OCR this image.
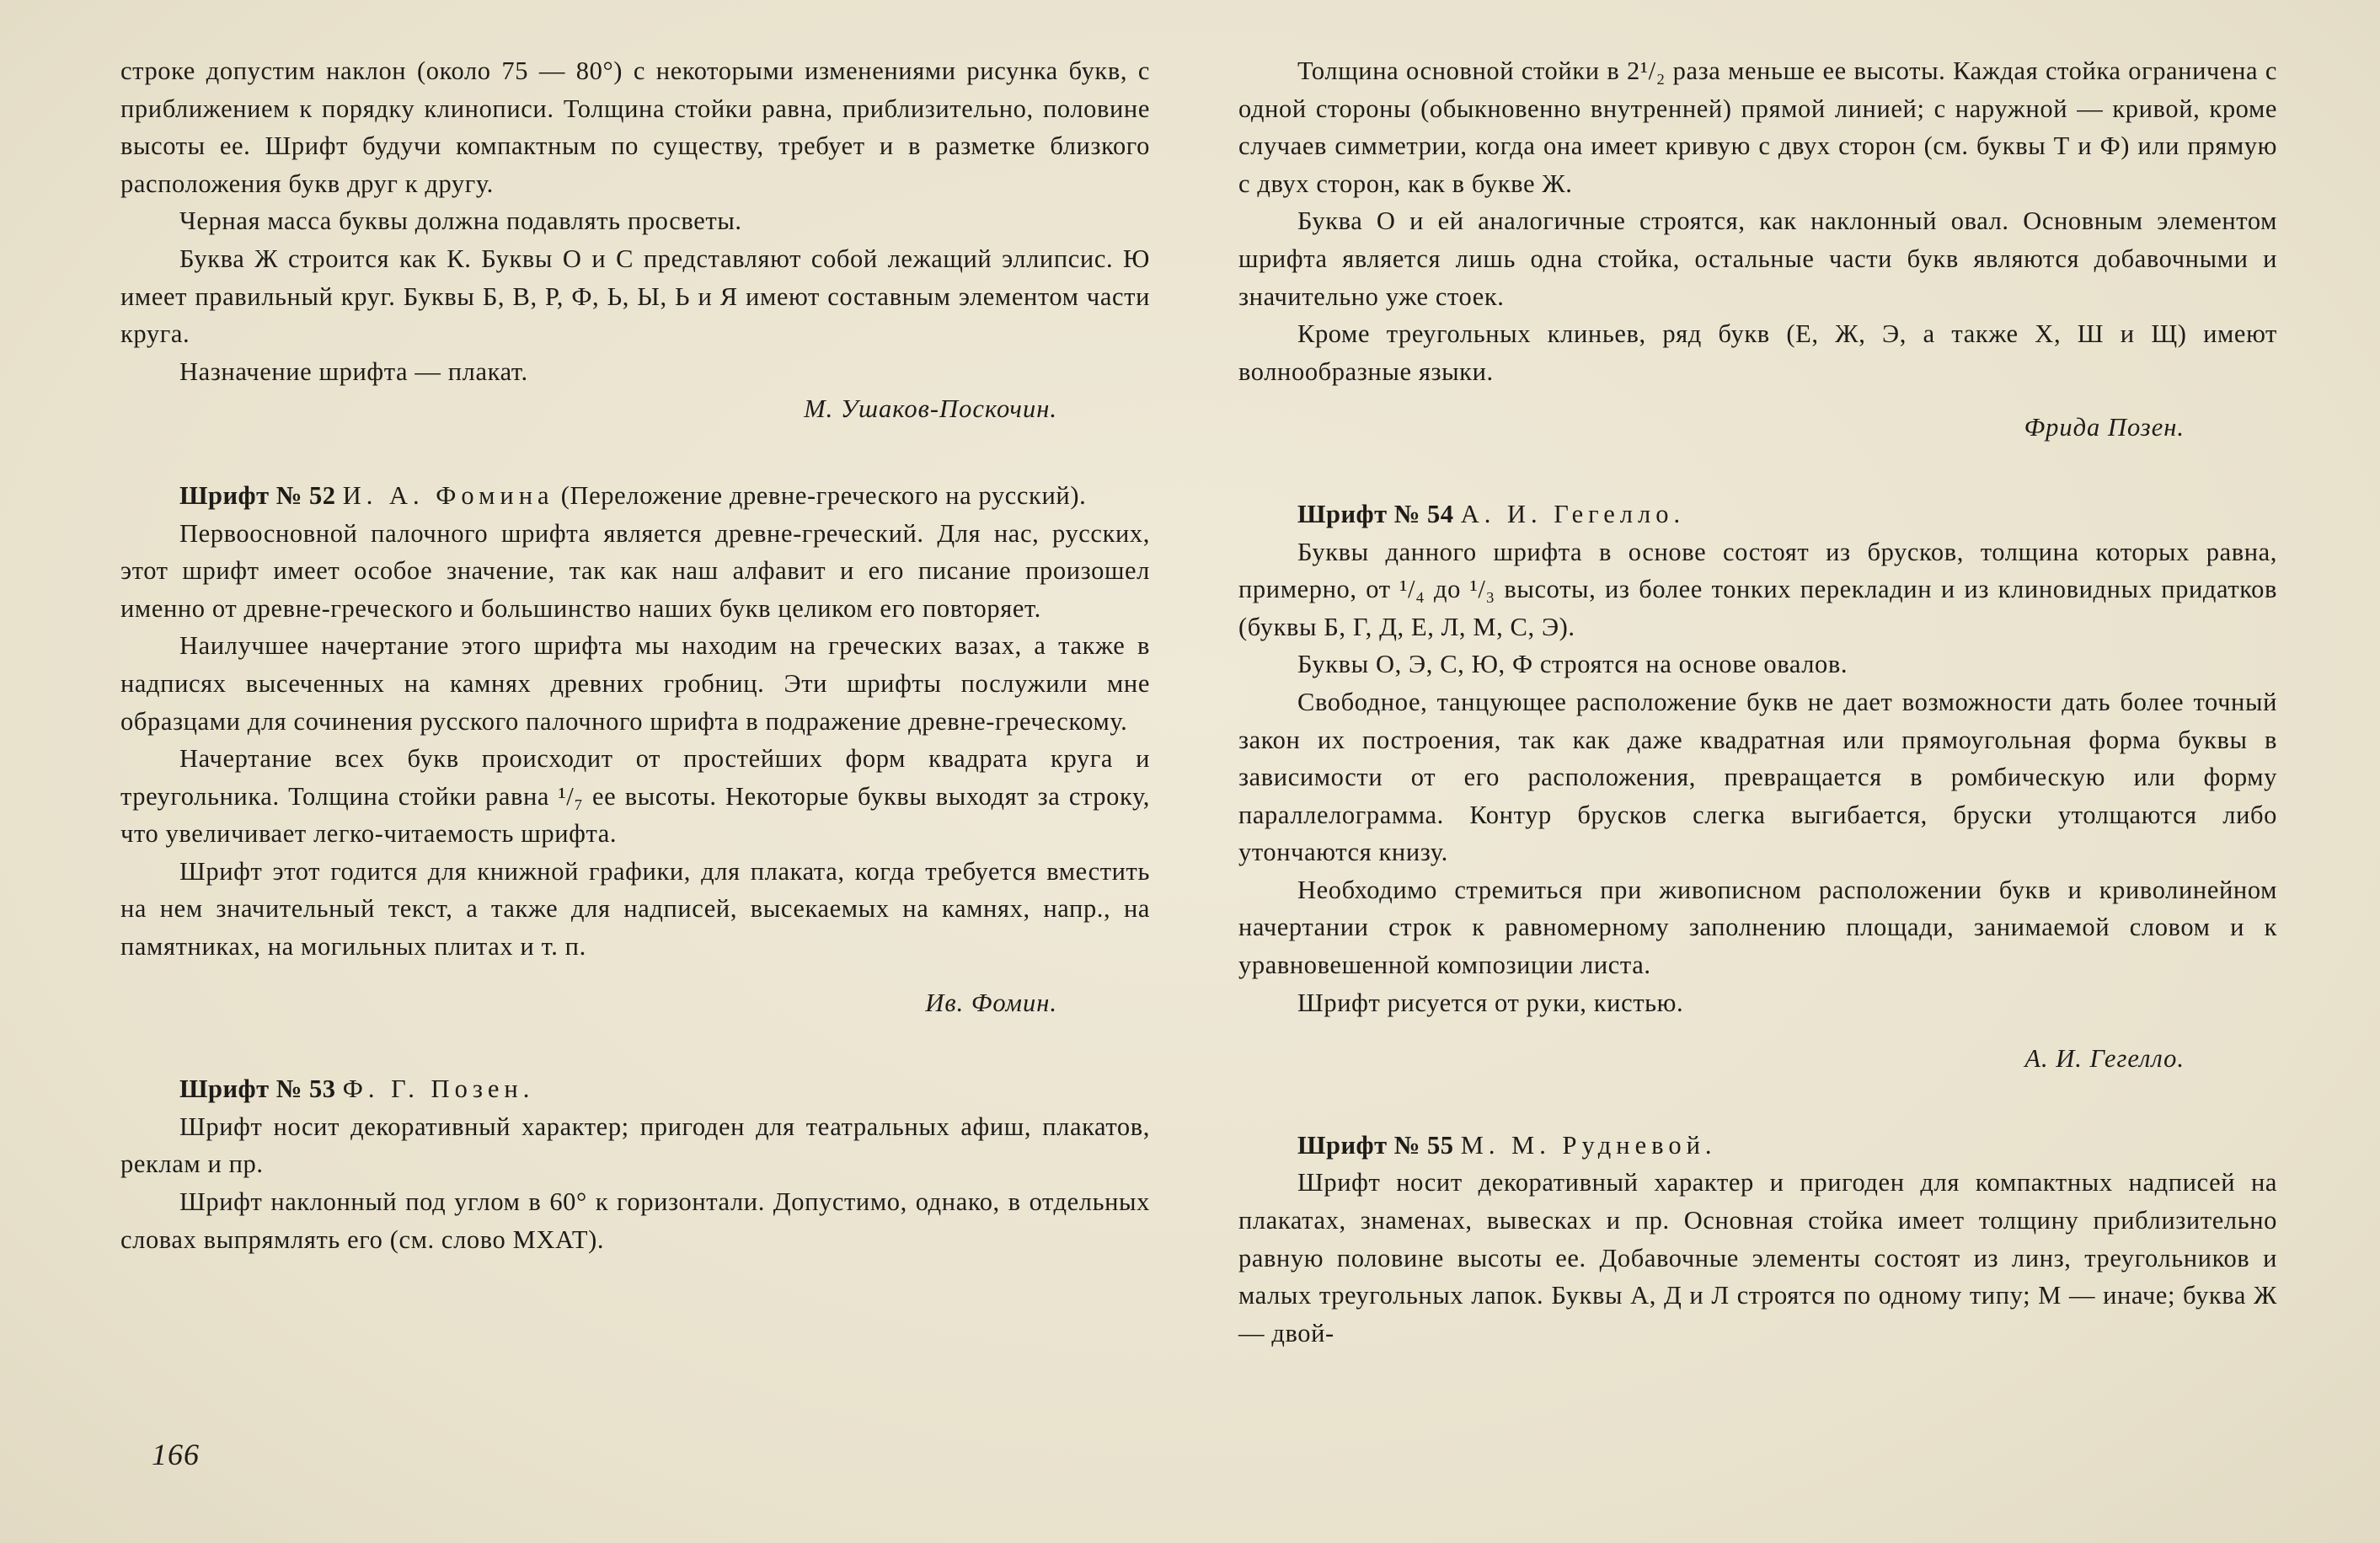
строке допустим наклон (около 75 — 80°) с некоторыми изменениями рисунка букв, с приближением к порядку клинописи. Толщина стойки равна, приблизительно, половине высоты ее. Шрифт будучи компактным по существу, требует и в разметке близкого расположения букв друг к другу.

Черная масса буквы должна подавлять просветы.

Буква Ж строится как К. Буквы О и С представляют собой лежащий эллипсис. Ю имеет правильный круг. Буквы Б, В, Р, Ф, Ь, Ы, Ь и Я имеют составным элементом части круга.

Назначение шрифта — плакат.

М. Ушаков-Поскочин.

Шрифт № 52 И. А. Фомина (Переложение древне-греческого на русский).

Первоосновной палочного шрифта является древне-греческий. Для нас, русских, этот шрифт имеет особое значение, так как наш алфавит и его писание произошел именно от древне-греческого и большинство наших букв целиком его повторяет.

Наилучшее начертание этого шрифта мы находим на греческих вазах, а также в надписях высеченных на камнях древних гробниц. Эти шрифты послужили мне образцами для сочинения русского палочного шрифта в подражение древне-греческому.

Начертание всех букв происходит от простейших форм квадрата круга и треугольника. Толщина стойки равна ¹/₇ ее высоты. Некоторые буквы выходят за строку, что увеличивает легко-читаемость шрифта.

Шрифт этот годится для книжной графики, для плаката, когда требуется вместить на нем значительный текст, а также для надписей, высекаемых на камнях, напр., на памятниках, на могильных плитах и т. п.

Ив. Фомин.

Шрифт № 53 Ф. Г. Позен.

Шрифт носит декоративный характер; пригоден для театральных афиш, плакатов, реклам и пр.

Шрифт наклонный под углом в 60° к горизонтали. Допустимо, однако, в отдельных словах выпрямлять его (см. слово МХАТ).

Толщина основной стойки в 2¹/₂ раза меньше ее высоты. Каждая стойка ограничена с одной стороны (обыкновенно внутренней) прямой линией; с наружной — кривой, кроме случаев симметрии, когда она имеет кривую с двух сторон (см. буквы Т и Ф) или прямую с двух сторон, как в букве Ж.

Буква О и ей аналогичные строятся, как наклонный овал. Основным элементом шрифта является лишь одна стойка, остальные части букв являются добавочными и значительно уже стоек.

Кроме треугольных клиньев, ряд букв (Е, Ж, Э, а также Х, Ш и Щ) имеют волнообразные языки.

Фрида Позен.

Шрифт № 54 А. И. Гегелло.

Буквы данного шрифта в основе состоят из брусков, толщина которых равна, примерно, от ¹/₄ до ¹/₃ высоты, из более тонких перекладин и из клиновидных придатков (буквы Б, Г, Д, Е, Л, М, С, Э).

Буквы О, Э, С, Ю, Ф строятся на основе овалов.

Свободное, танцующее расположение букв не дает возможности дать более точный закон их построения, так как даже квадратная или прямоугольная форма буквы в зависимости от его расположения, превращается в ромбическую или форму параллелограмма. Контур брусков слегка выгибается, бруски утолщаются либо утончаются книзу.

Необходимо стремиться при живописном расположении букв и криволинейном начертании строк к равномерному заполнению площади, занимаемой словом и к уравновешенной композиции листа.

Шрифт рисуется от руки, кистью.

А. И. Гегелло.

Шрифт № 55 М. М. Рудневой.

Шрифт носит декоративный характер и пригоден для компактных надписей на плакатах, знаменах, вывесках и пр. Основная стойка имеет толщину приблизительно равную половине высоты ее. Добавочные элементы состоят из линз, треугольников и малых треугольных лапок. Буквы А, Д и Л строятся по одному типу; М — иначе; буква Ж — двой-

166
